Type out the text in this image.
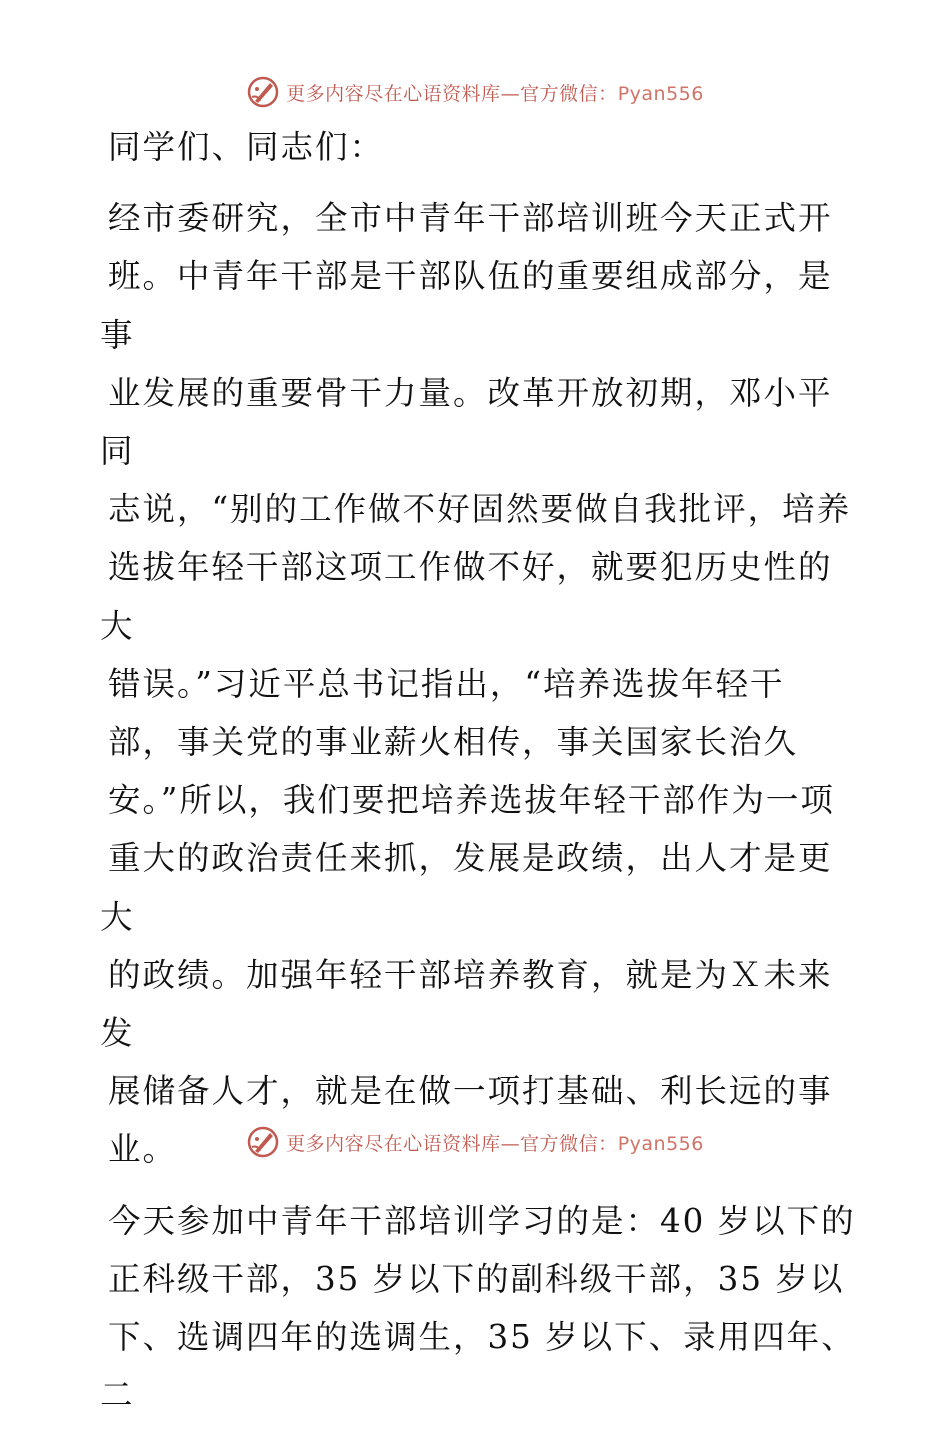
更多内容尽在心语资料库—官方微信：Pyan556

同学们、同志们：

经市委研究，全市中青年干部培训班今天正式开
班。中青年干部是干部队伍的重要组成部分，是事
业发展的重要骨干力量。改革开放初期，邓小平同
志说，“别的工作做不好固然要做自我批评，培养
选拔年轻干部这项工作做不好，就要犯历史性的大
错误。”习近平总书记指出，“培养选拔年轻干
部，事关党的事业薪火相传，事关国家长治久
安。”所以，我们要把培养选拔年轻干部作为一项
重大的政治责任来抓，发展是政绩，出人才是更大
的政绩。加强年轻干部培养教育，就是为Ｘ未来发
展储备人才，就是在做一项打基础、利长远的事
业。

今天参加中青年干部培训学习的是：40 岁以下的
正科级干部，35 岁以下的副科级干部，35 岁以
下、选调四年的选调生，35 岁以下、录用四年、二

更多内容尽在心语资料库—官方微信：Pyan556
